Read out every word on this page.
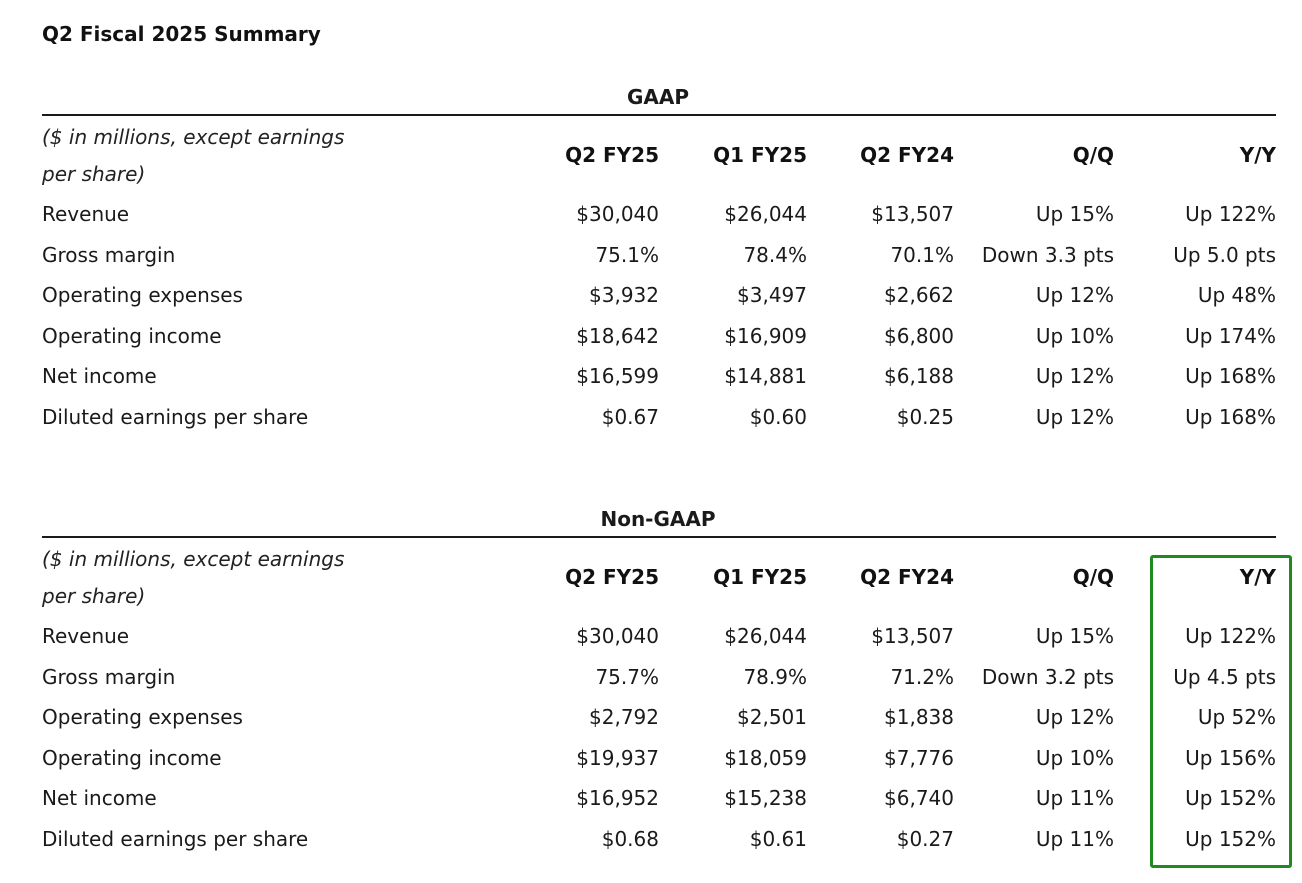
Q2 Fiscal 2025 Summary
GAAP
($ in millions, except earnings per share)	Q2 FY25	Q1 FY25	Q2 FY24	Q/Q	Y/Y
Revenue	$30,040	$26,044	$13,507	Up 15%	Up 122%
Gross margin	75.1%	78.4%	70.1%	Down 3.3 pts	Up 5.0 pts
Operating expenses	$3,932	$3,497	$2,662	Up 12%	Up 48%
Operating income	$18,642	$16,909	$6,800	Up 10%	Up 174%
Net income	$16,599	$14,881	$6,188	Up 12%	Up 168%
Diluted earnings per share	$0.67	$0.60	$0.25	Up 12%	Up 168%
Non-GAAP
($ in millions, except earnings per share)	Q2 FY25	Q1 FY25	Q2 FY24	Q/Q	Y/Y
Revenue	$30,040	$26,044	$13,507	Up 15%	Up 122%
Gross margin	75.7%	78.9%	71.2%	Down 3.2 pts	Up 4.5 pts
Operating expenses	$2,792	$2,501	$1,838	Up 12%	Up 52%
Operating income	$19,937	$18,059	$7,776	Up 10%	Up 156%
Net income	$16,952	$15,238	$6,740	Up 11%	Up 152%
Diluted earnings per share	$0.68	$0.61	$0.27	Up 11%	Up 152%
